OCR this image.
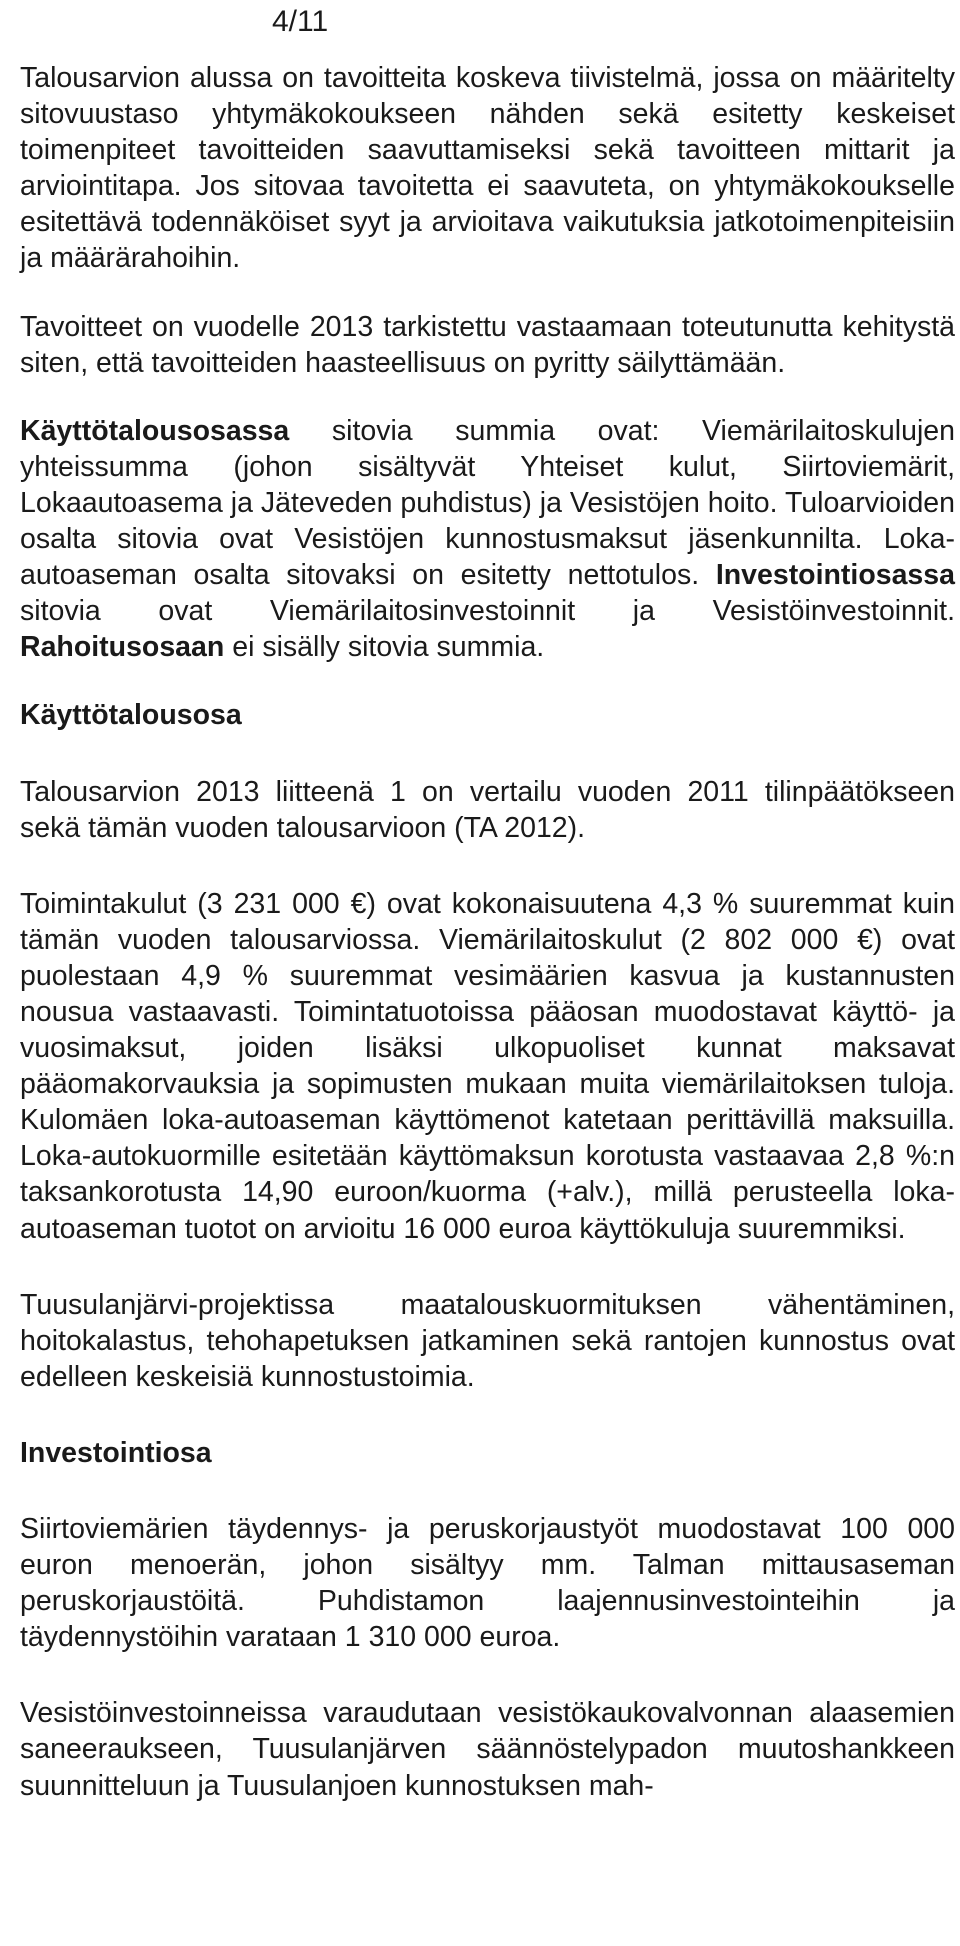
4/11

Talousarvion alussa on tavoitteita koskeva tiivistelmä, jossa on määritelty sitovuustaso yhtymäkokoukseen nähden sekä esitetty keskeiset toimenpiteet tavoitteiden saavuttamiseksi sekä tavoitteen mittarit ja arviointitapa. Jos sitovaa tavoitetta ei saavuteta, on yhtymäkokoukselle esitettävä todennäköiset syyt ja arvioitava vaikutuksia jatkotoimenpiteisiin ja määrärahoihin.

Tavoitteet on vuodelle 2013 tarkistettu vastaamaan toteutunutta kehitystä siten, että tavoitteiden haasteellisuus on pyritty säilyttämään.

Käyttötalousosassa sitovia summia ovat: Viemärilaitoskulujen yhteissumma (johon sisältyvät Yhteiset kulut, Siirtoviemärit, Lokaautoasema ja Jäteveden puhdistus) ja Vesistöjen hoito. Tuloarvioiden osalta sitovia ovat Vesistöjen kunnostusmaksut jäsenkunnilta. Loka-autoaseman osalta sitovaksi on esitetty nettotulos. Investointiosassa sitovia ovat Viemärilaitosinvestoinnit ja Vesistöinvestoinnit. Rahoitusosaan ei sisälly sitovia summia.

Käyttötalousosa

Talousarvion 2013 liitteenä 1 on vertailu vuoden 2011 tilinpäätökseen sekä tämän vuoden talousarvioon (TA 2012).

Toimintakulut (3 231 000 €) ovat kokonaisuutena 4,3 % suuremmat kuin tämän vuoden talousarviossa. Viemärilaitoskulut (2 802 000 €) ovat puolestaan 4,9 % suuremmat vesimäärien kasvua ja kustannusten nousua vastaavasti. Toimintatuotoissa pääosan muodostavat käyttö- ja vuosimaksut, joiden lisäksi ulkopuoliset kunnat maksavat pääomakorvauksia ja sopimusten mukaan muita viemärilaitoksen tuloja. Kulomäen loka-autoaseman käyttömenot katetaan perittävillä maksuilla. Loka-autokuormille esitetään käyttömaksun korotusta vastaavaa 2,8 %:n taksankorotusta 14,90 euroon/kuorma (+alv.), millä perusteella loka-autoaseman tuotot on arvioitu 16 000 euroa käyttökuluja suuremmiksi.

Tuusulanjärvi-projektissa maatalouskuormituksen vähentäminen, hoitokalastus, tehohapetuksen jatkaminen sekä rantojen kunnostus ovat edelleen keskeisiä kunnostustoimia.

Investointiosa

Siirtoviemärien täydennys- ja peruskorjaustyöt muodostavat 100 000 euron menoerän, johon sisältyy mm. Talman mittausaseman peruskorjaustöitä. Puhdistamon laajennusinvestointeihin ja täydennystöihin varataan 1 310 000 euroa.

Vesistöinvestoinneissa varaudutaan vesistökaukovalvonnan alaasemien saneeraukseen, Tuusulanjärven säännöstelypadon muutoshankkeen suunnitteluun ja Tuusulanjoen kunnostuksen mah-
